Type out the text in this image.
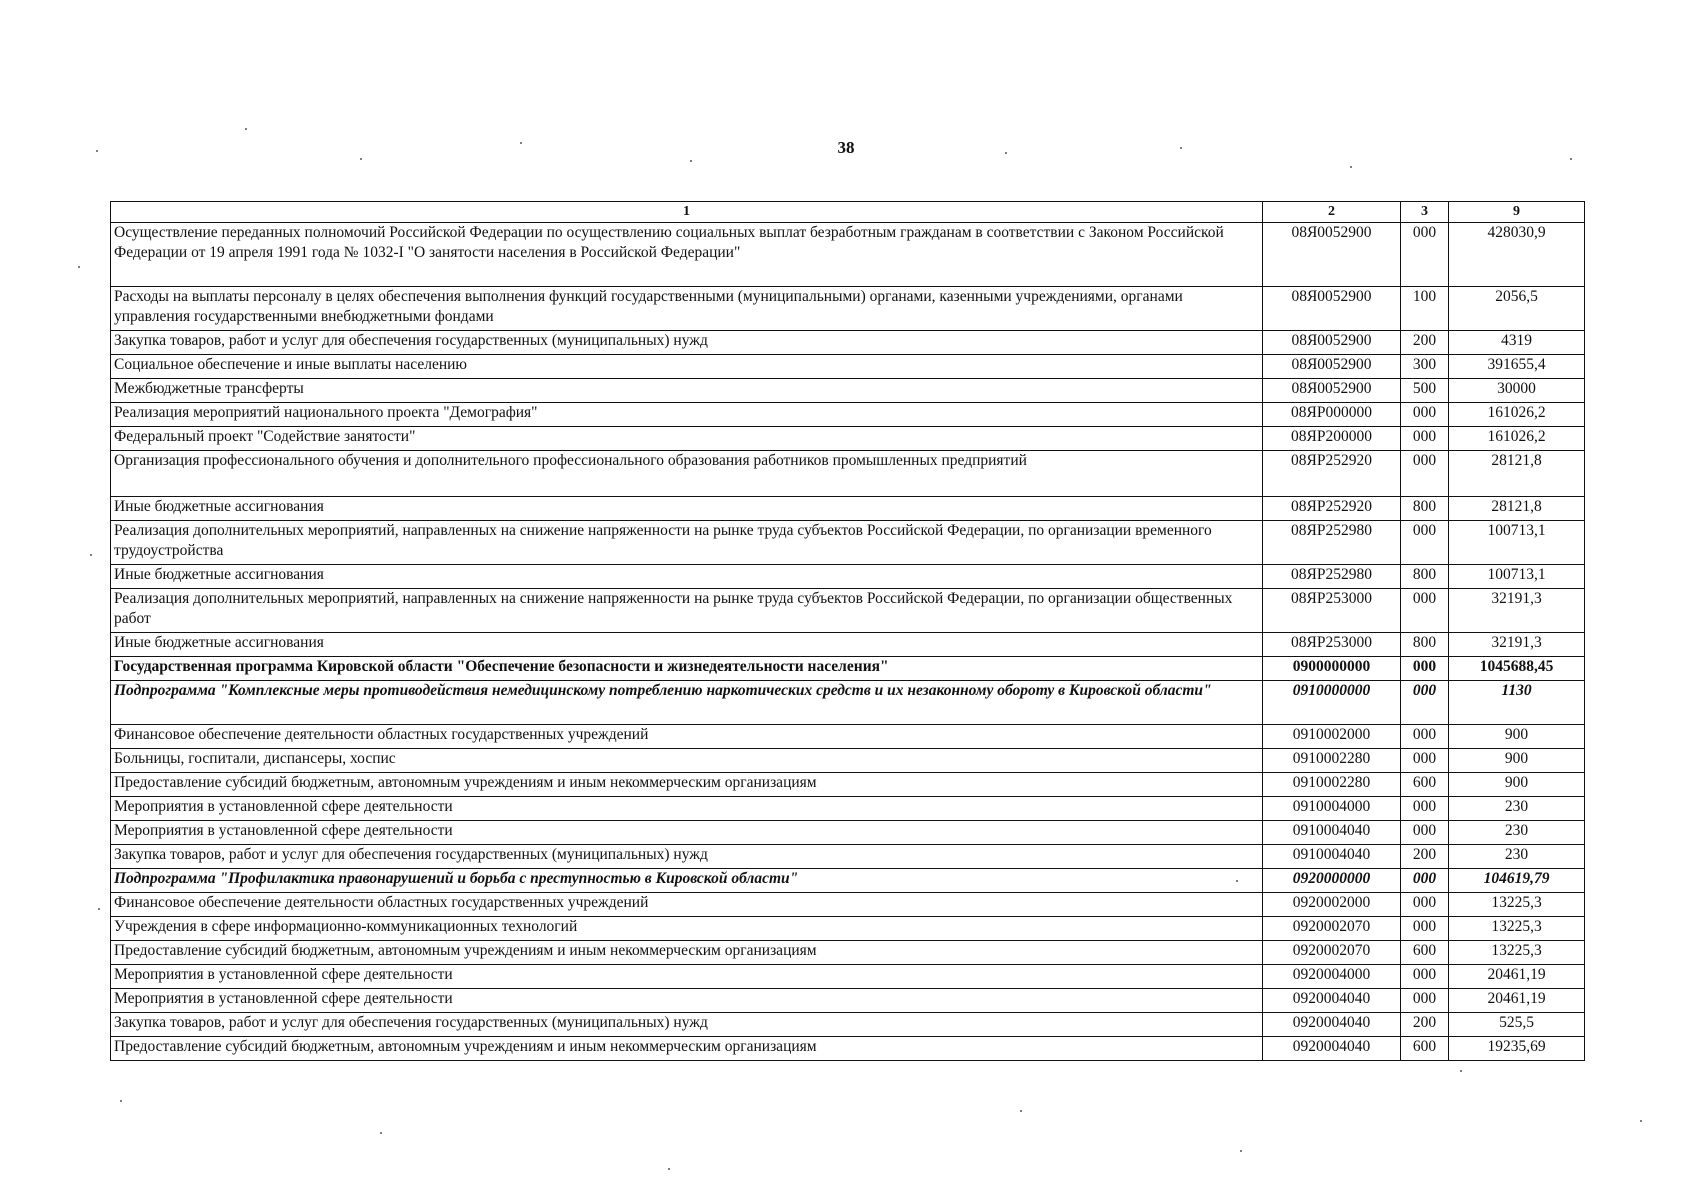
38
1	2	3	9
Осуществление переданных полномочий Российской Федерации по осуществлению социальных выплат безработным гражданам в соответствии с Законом Российской Федерации от 19 апреля 1991 года № 1032-I "О занятости населения в Российской Федерации"	08Я0052900	000	428030,9
Расходы на выплаты персоналу в целях обеспечения выполнения функций государственными (муниципальными) органами, казенными учреждениями, органами управления государственными внебюджетными фондами	08Я0052900	100	2056,5
Закупка товаров, работ и услуг для обеспечения государственных (муниципальных) нужд	08Я0052900	200	4319
Социальное обеспечение и иные выплаты населению	08Я0052900	300	391655,4
Межбюджетные трансферты	08Я0052900	500	30000
Реализация мероприятий национального проекта "Демография"	08ЯР000000	000	161026,2
Федеральный проект "Содействие занятости"	08ЯР200000	000	161026,2
Организация профессионального обучения и дополнительного профессионального образования работников промышленных предприятий	08ЯР252920	000	28121,8
Иные бюджетные ассигнования	08ЯР252920	800	28121,8
Реализация дополнительных мероприятий, направленных на снижение напряженности на рынке труда субъектов Российской Федерации, по организации временного трудоустройства	08ЯР252980	000	100713,1
Иные бюджетные ассигнования	08ЯР252980	800	100713,1
Реализация дополнительных мероприятий, направленных на снижение напряженности на рынке труда субъектов Российской Федерации, по организации общественных работ	08ЯР253000	000	32191,3
Иные бюджетные ассигнования	08ЯР253000	800	32191,3
Государственная программа Кировской области "Обеспечение безопасности и жизнедеятельности населения"	0900000000	000	1045688,45
Подпрограмма "Комплексные меры противодействия немедицинскому потреблению наркотических средств и их незаконному обороту в Кировской области"	0910000000	000	1130
Финансовое обеспечение деятельности областных государственных учреждений	0910002000	000	900
Больницы, госпитали, диспансеры, хоспис	0910002280	000	900
Предоставление субсидий бюджетным, автономным учреждениям и иным некоммерческим организациям	0910002280	600	900
Мероприятия в установленной сфере деятельности	0910004000	000	230
Мероприятия в установленной сфере деятельности	0910004040	000	230
Закупка товаров, работ и услуг для обеспечения государственных (муниципальных) нужд	0910004040	200	230
Подпрограмма "Профилактика правонарушений и борьба с преступностью в Кировской области"	0920000000	000	104619,79
Финансовое обеспечение деятельности областных государственных учреждений	0920002000	000	13225,3
Учреждения в сфере информационно-коммуникационных технологий	0920002070	000	13225,3
Предоставление субсидий бюджетным, автономным учреждениям и иным некоммерческим организациям	0920002070	600	13225,3
Мероприятия в установленной сфере деятельности	0920004000	000	20461,19
Мероприятия в установленной сфере деятельности	0920004040	000	20461,19
Закупка товаров, работ и услуг для обеспечения государственных (муниципальных) нужд	0920004040	200	525,5
Предоставление субсидий бюджетным, автономным учреждениям и иным некоммерческим организациям	0920004040	600	19235,69
